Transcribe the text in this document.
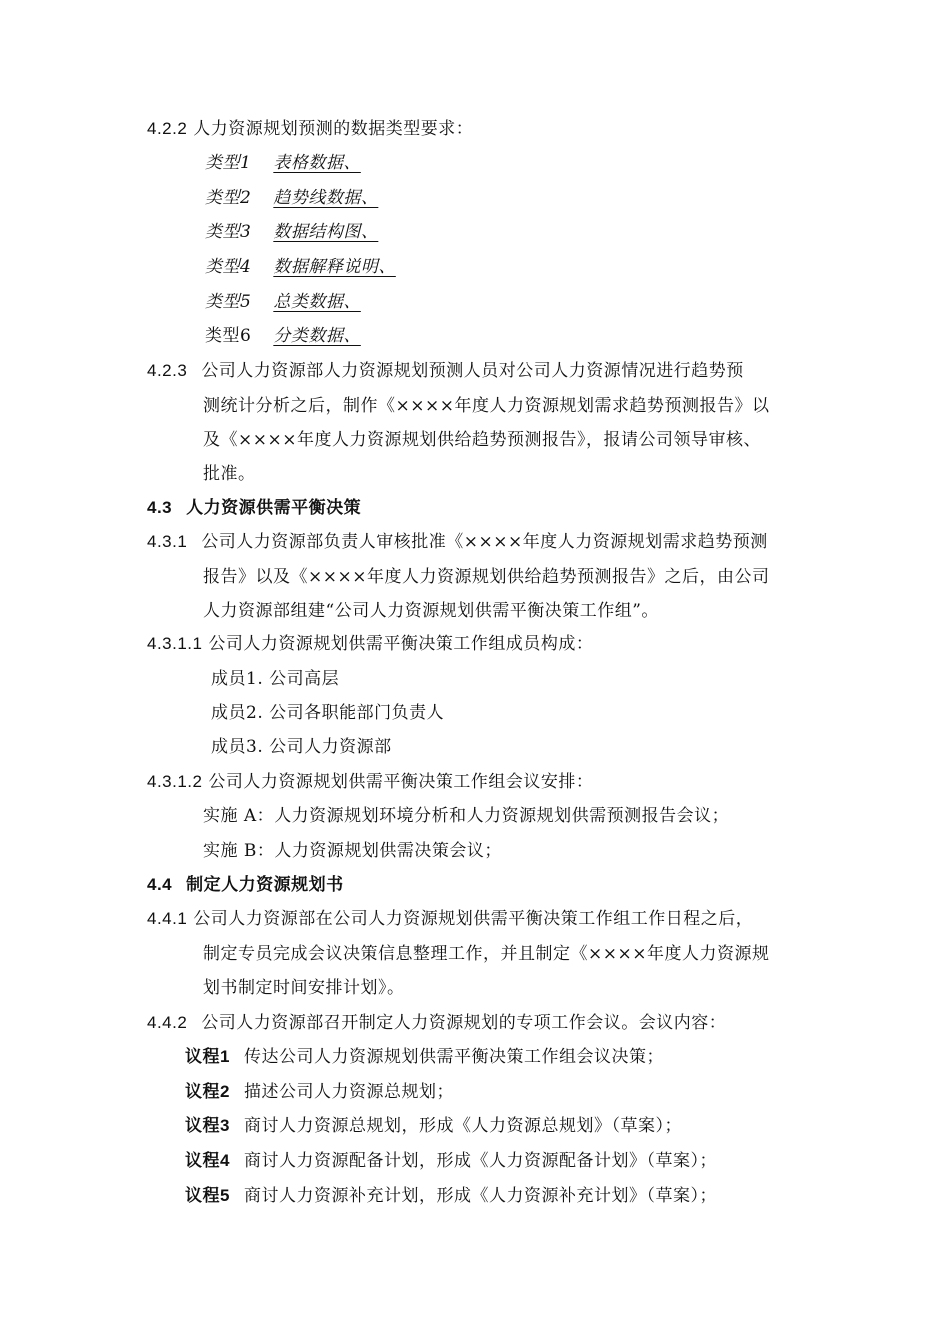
4.2.2 人力资源规划预测的数据类型要求：
类型1 表格数据、
类型2 趋势线数据、
类型3 数据结构图、
类型4 数据解释说明、
类型5 总类数据、
类型6 分类数据、
4.2.3 公司人力资源部人力资源规划预测人员对公司人力资源情况进行趋势预
测统计分析之后，制作《××××年度人力资源规划需求趋势预测报告》以
及《××××年度人力资源规划供给趋势预测报告》，报请公司领导审核、
批准。
4.3 人力资源供需平衡决策
4.3.1 公司人力资源部负责人审核批准《××××年度人力资源规划需求趋势预测
报告》以及《××××年度人力资源规划供给趋势预测报告》之后，由公司
人力资源部组建“公司人力资源规划供需平衡决策工作组”。
4.3.1.1 公司人力资源规划供需平衡决策工作组成员构成：
成员1. 公司高层
成员2. 公司各职能部门负责人
成员3. 公司人力资源部
4.3.1.2 公司人力资源规划供需平衡决策工作组会议安排：
实施 A：人力资源规划环境分析和人力资源规划供需预测报告会议；
实施 B：人力资源规划供需决策会议；
4.4 制定人力资源规划书
4.4.1 公司人力资源部在公司人力资源规划供需平衡决策工作组工作日程之后，
制定专员完成会议决策信息整理工作，并且制定《××××年度人力资源规
划书制定时间安排计划》。
4.4.2 公司人力资源部召开制定人力资源规划的专项工作会议。会议内容：
议程1 传达公司人力资源规划供需平衡决策工作组会议决策；
议程2 描述公司人力资源总规划；
议程3 商讨人力资源总规划，形成《人力资源总规划》（草案）；
议程4 商讨人力资源配备计划，形成《人力资源配备计划》（草案）；
议程5 商讨人力资源补充计划，形成《人力资源补充计划》（草案）；
